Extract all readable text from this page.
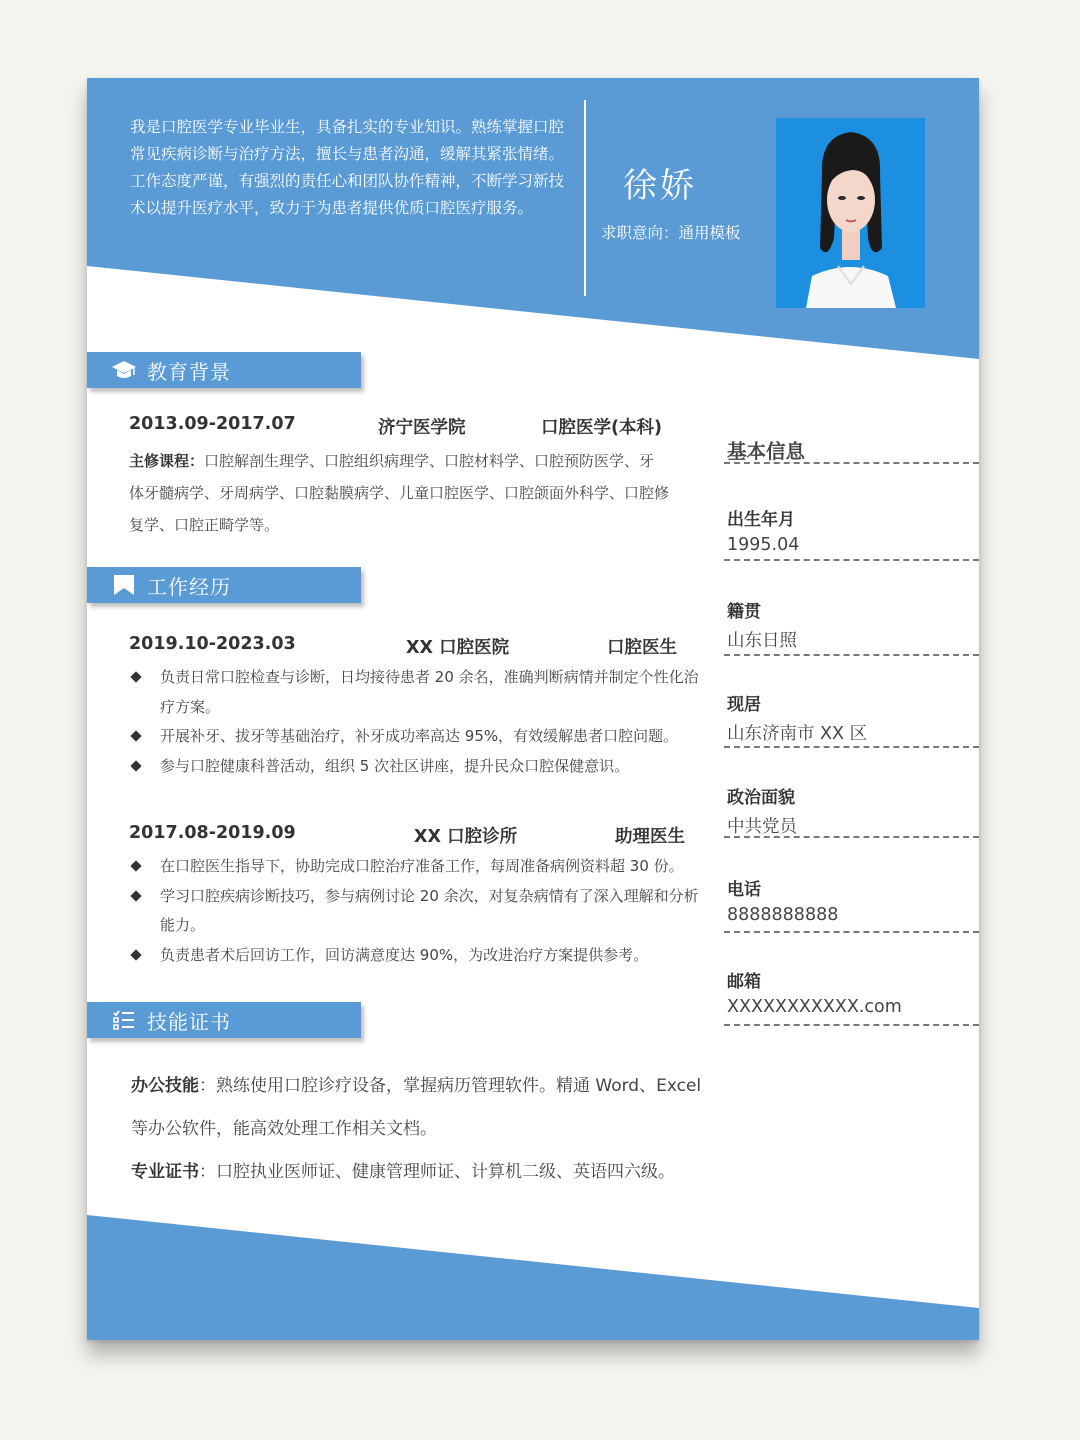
我是口腔医学专业毕业生，具备扎实的专业知识。熟练掌握口腔常见疾病诊断与治疗方法，擅长与患者沟通，缓解其紧张情绪。工作态度严谨，有强烈的责任心和团队协作精神，不断学习新技术以提升医疗水平，致力于为患者提供优质口腔医疗服务。

徐娇
求职意向：通用模板
教育背景
2013.09-2017.07	济宁医学院	口腔医学(本科)

主修课程：口腔解剖生理学、口腔组织病理学、口腔材料学、口腔预防医学、牙体牙髓病学、牙周病学、口腔黏膜病学、儿童口腔医学、口腔颌面外科学、口腔修复学、口腔正畸学等。

工作经历
2019.10-2023.03	XX 口腔医院	口腔医生
负责日常口腔检查与诊断，日均接待患者 20 余名，准确判断病情并制定个性化治疗方案。
开展补牙、拔牙等基础治疗，补牙成功率高达 95%，有效缓解患者口腔问题。
参与口腔健康科普活动，组织 5 次社区讲座，提升民众口腔保健意识。
2017.08-2019.09	XX 口腔诊所	助理医生
在口腔医生指导下，协助完成口腔治疗准备工作，每周准备病例资料超 30 份。
学习口腔疾病诊断技巧，参与病例讨论 20 余次，对复杂病情有了深入理解和分析能力。
负责患者术后回访工作，回访满意度达 90%，为改进治疗方案提供参考。
技能证书
办公技能：熟练使用口腔诊疗设备，掌握病历管理软件。精通 Word、Excel 等办公软件，能高效处理工作相关文档。
专业证书：口腔执业医师证、健康管理师证、计算机二级、英语四六级。
基本信息
出生年月
1995.04
籍贯
山东日照
现居
山东济南市 XX 区
政治面貌
中共党员
电话
8888888888
邮箱
XXXXXXXXXXX.com
